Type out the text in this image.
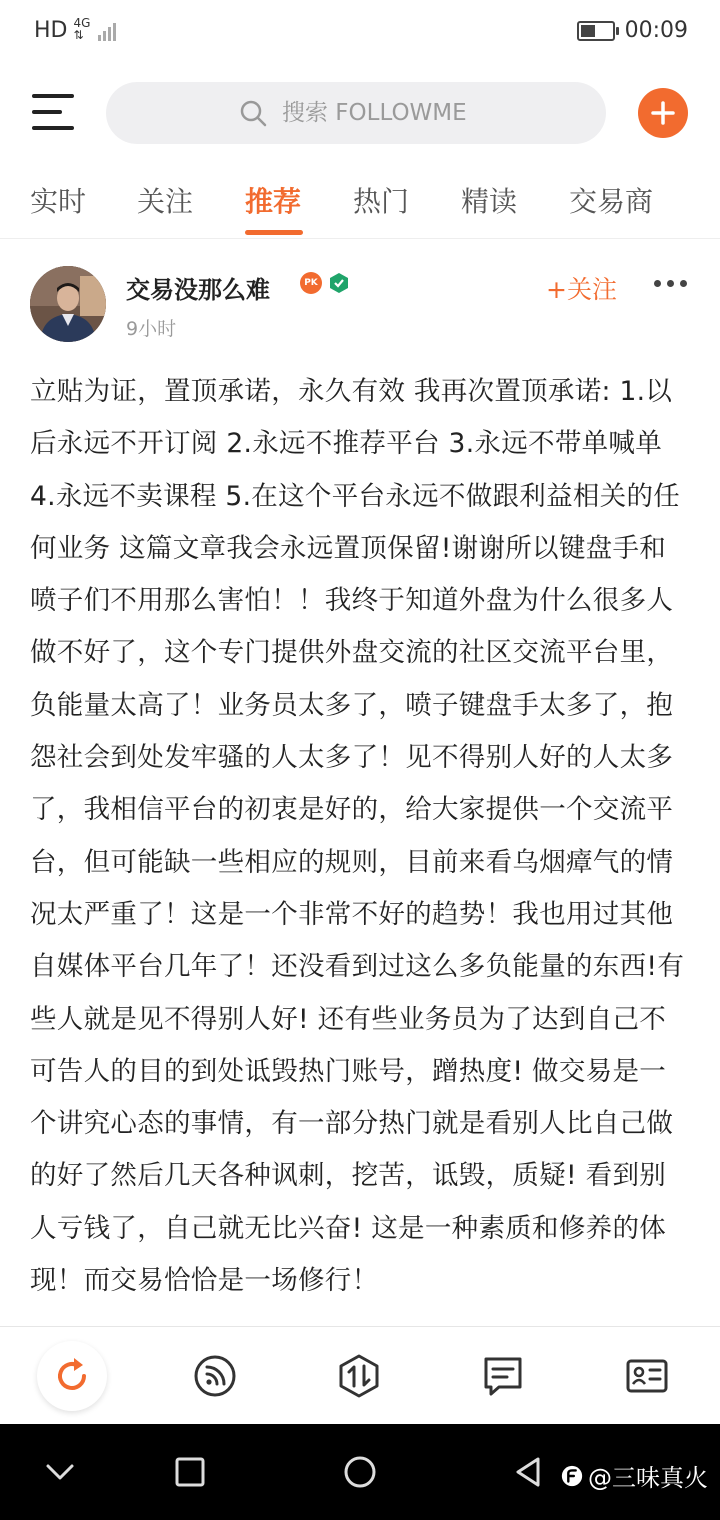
HD 4G
⇅	00:09
搜索 FOLLOWME
实时 关注 推荐 热门 精读 交易商
交易没那么难	PK
9小时
+关注
立贴为证，置顶承诺，永久有效 我再次置顶承诺: 1.以后永远不开订阅 2.永远不推荐平台 3.永远不带单喊单 4.永远不卖课程 5.在这个平台永远不做跟利益相关的任何业务 这篇文章我会永远置顶保留!谢谢所以键盘手和喷子们不用那么害怕！！我终于知道外盘为什么很多人做不好了，这个专门提供外盘交流的社区交流平台里，负能量太高了！业务员太多了，喷子键盘手太多了，抱怨社会到处发牢骚的人太多了！见不得别人好的人太多了，我相信平台的初衷是好的，给大家提供一个交流平台，但可能缺一些相应的规则，目前来看乌烟瘴气的情况太严重了！这是一个非常不好的趋势！我也用过其他自媒体平台几年了！还没看到过这么多负能量的东西!有些人就是见不得别人好! 还有些业务员为了达到自己不可告人的目的到处诋毁热门账号，蹭热度! 做交易是一个讲究心态的事情，有一部分热门就是看别人比自己做的好了然后几天各种讽刺，挖苦，诋毁，质疑! 看到别人亏钱了，自己就无比兴奋! 这是一种素质和修养的体现！而交易恰恰是一场修行！
@三味真火
